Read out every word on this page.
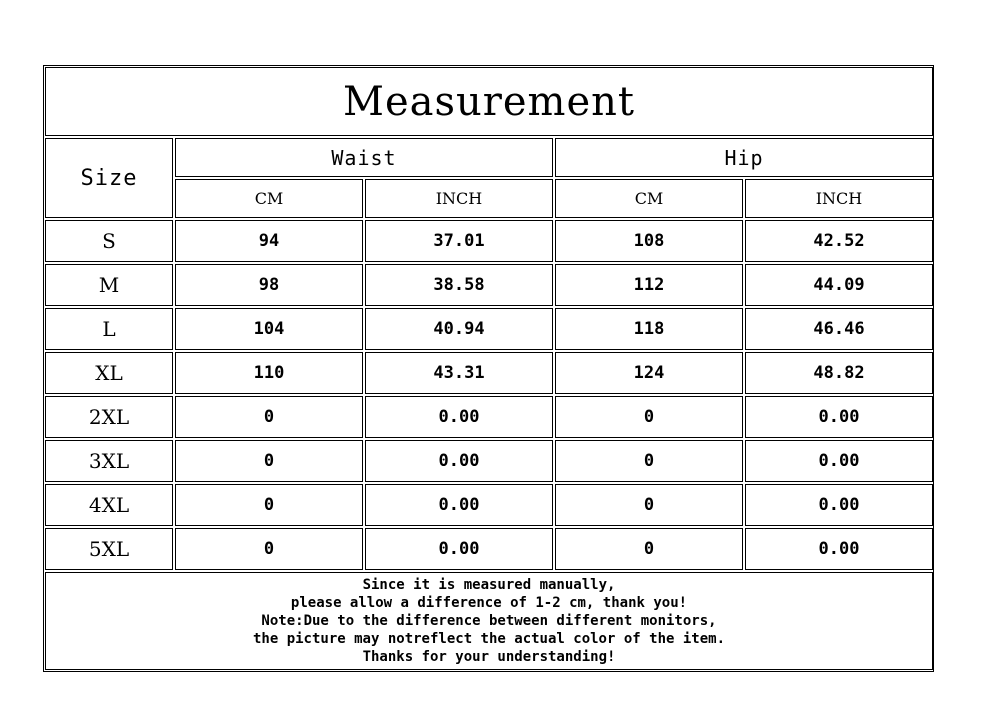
Measurement
Size
Waist	Hip
CM	INCH	CM	INCH
S	94	37.01	108	42.52
M	98	38.58	112	44.09
L	104	40.94	118	46.46
XL	110	43.31	124	48.82
2XL	0	0.00	0	0.00
3XL	0	0.00	0	0.00
4XL	0	0.00	0	0.00
5XL	0	0.00	0	0.00
Since it is measured manually,
please allow a difference of 1-2 cm, thank you!
Note:Due to the difference between different monitors,
the picture may notreflect the actual color of the item.
Thanks for your understanding!
